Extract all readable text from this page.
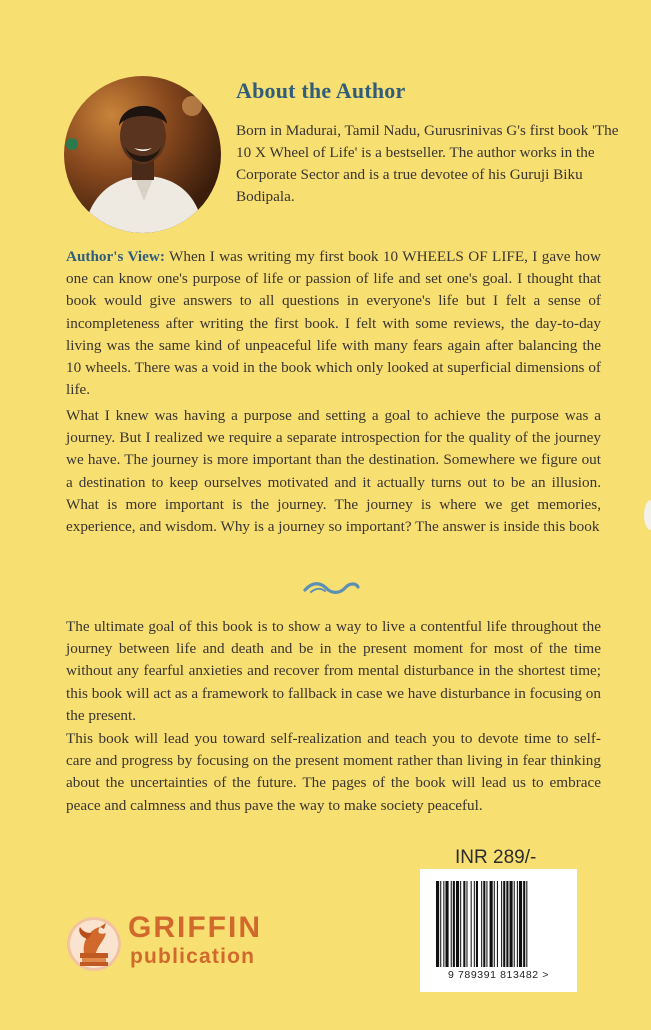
About the Author
Born in Madurai, Tamil Nadu, Gurusrinivas G's first book 'The 10 X Wheel of Life' is a bestseller. The author works in the Corporate Sector and is a true devotee of his Guruji Biku Bodipala.
Author's View: When I was writing my first book 10 WHEELS OF LIFE, I gave how one can know one's purpose of life or passion of life and set one's goal. I thought that book would give answers to all questions in everyone's life but I felt a sense of incompleteness after writing the first book. I felt with some reviews, the day-to-day living was the same kind of unpeaceful life with many fears again after balancing the 10 wheels. There was a void in the book which only looked at superficial dimensions of life.
What I knew was having a purpose and setting a goal to achieve the purpose was a journey. But I realized we require a separate introspection for the quality of the journey we have. The journey is more important than the destination. Somewhere we figure out a destination to keep ourselves motivated and it actually turns out to be an illusion. What is more important is the journey. The journey is where we get memories, experience, and wisdom. Why is a journey so important? The answer is inside this book
The ultimate goal of this book is to show a way to live a contentful life throughout the journey between life and death and be in the present moment for most of the time without any fearful anxieties and recover from mental disturbance in the shortest time; this book will act as a framework to fallback in case we have disturbance in focusing on the present.
This book will lead you toward self-realization and teach you to devote time to self-care and progress by focusing on the present moment rather than living in fear thinking about the uncertainties of the future. The pages of the book will lead us to embrace peace and calmness and thus pave the way to make society peaceful.
INR 289/-
9 789391 813482 >
GRIFFIN
publication
